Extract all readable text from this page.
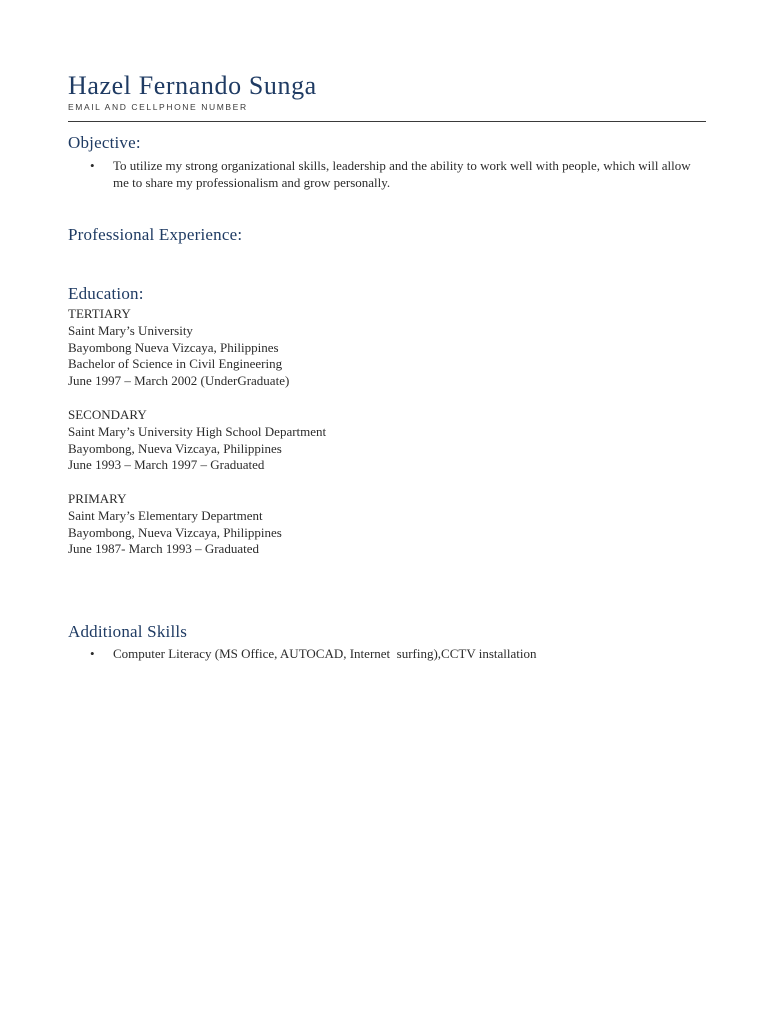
Hazel Fernando Sunga
EMAIL AND CELLPHONE NUMBER
Objective:
• To utilize my strong organizational skills, leadership and the ability to work well with people, which will allow me to share my professionalism and grow personally.
Professional Experience:
Education:
TERTIARY
Saint Mary’s University
Bayombong Nueva Vizcaya, Philippines
Bachelor of Science in Civil Engineering
June 1997 – March 2002 (UnderGraduate)
SECONDARY
Saint Mary’s University High School Department
Bayombong, Nueva Vizcaya, Philippines
June 1993 – March 1997 – Graduated
PRIMARY
Saint Mary’s Elementary Department
Bayombong, Nueva Vizcaya, Philippines
June 1987- March 1993 – Graduated
Additional Skills
• Computer Literacy (MS Office, AUTOCAD, Internet  surfing),CCTV installation
